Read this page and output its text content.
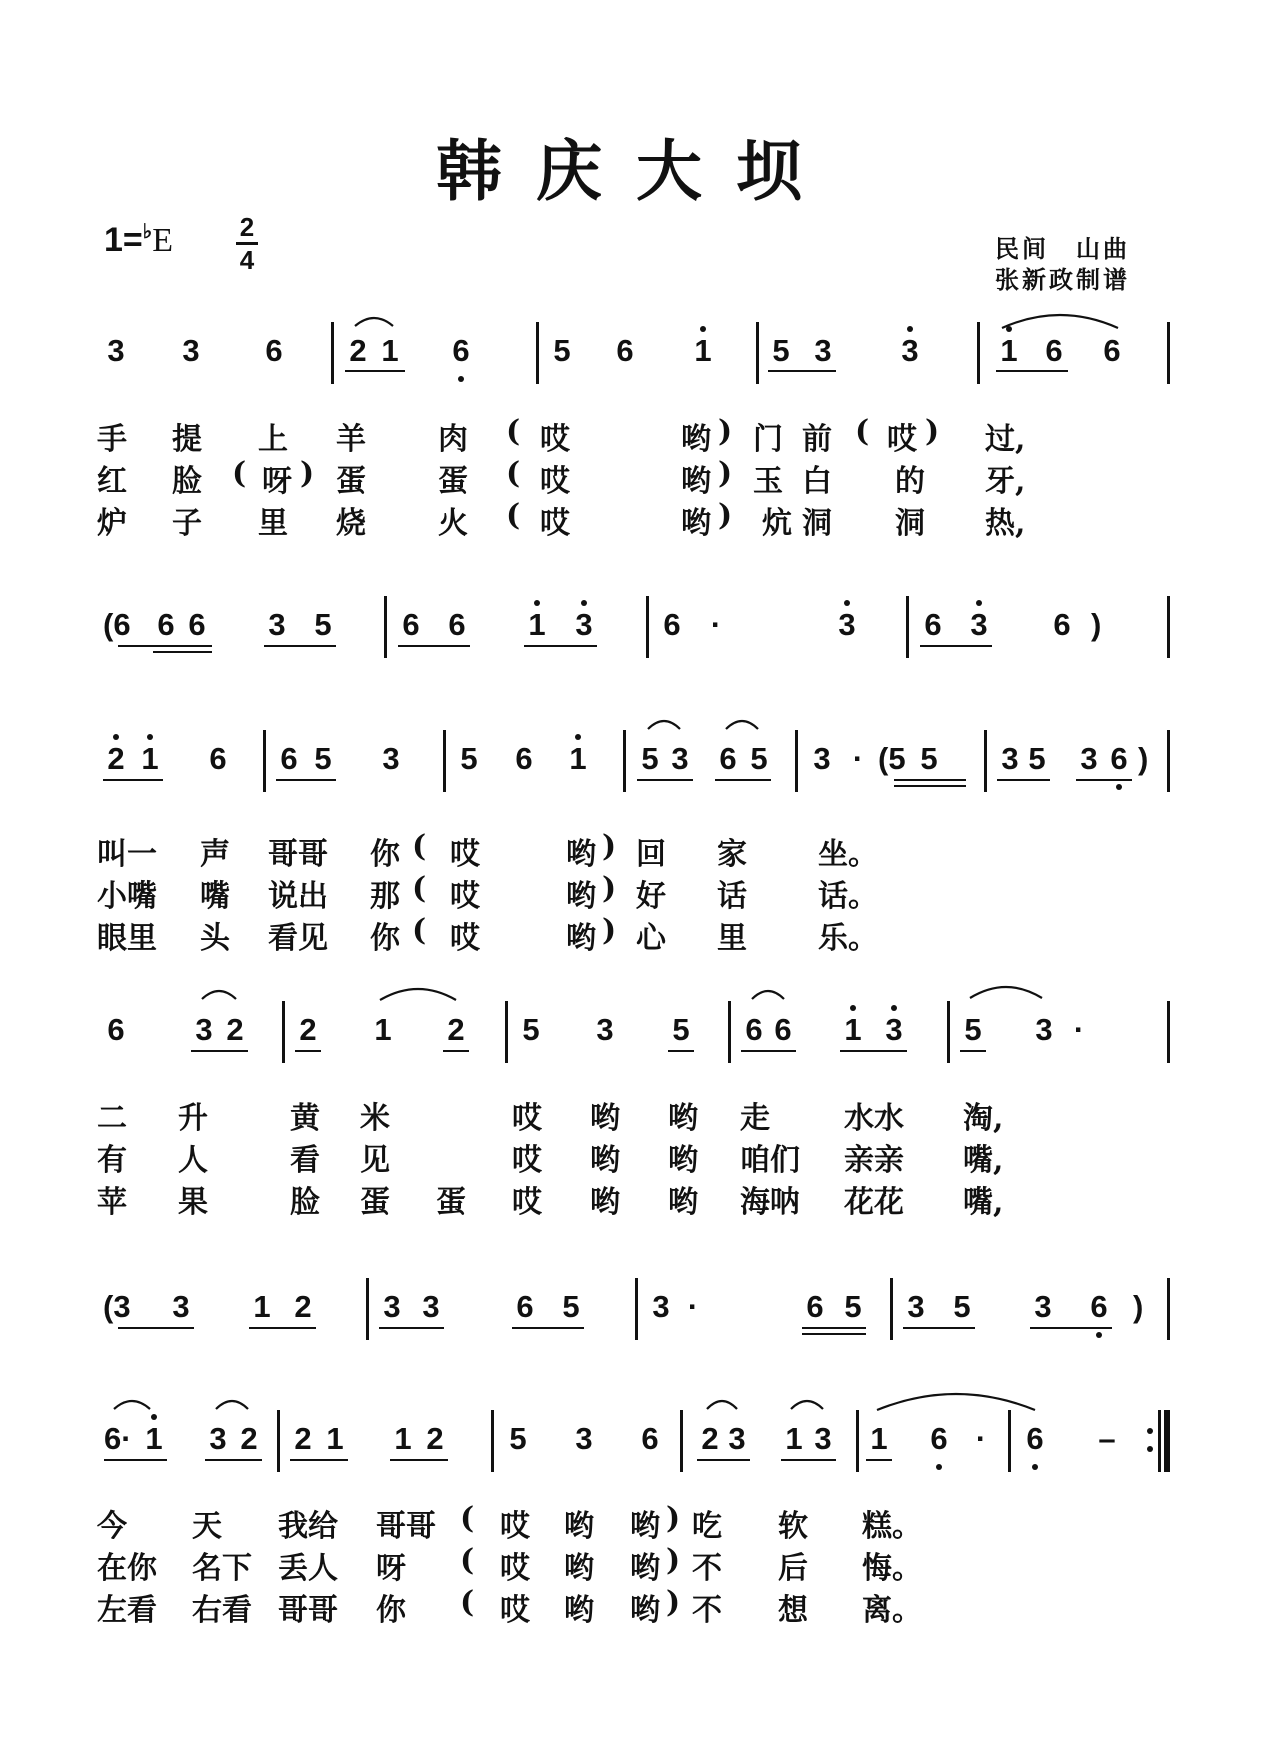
韩庆大坝
1=♭E	2
4	民间　山曲
张新政制谱
3 3 6 2 1 6	5 6 1 5 3 3	1 6 6
手 提 上 羊 肉 ( 哎	哟 ) 门 前 ( 哎 ) 过,
红 脸 ( 呀 ) 蛋 蛋 ( 哎	哟 ) 玉 白 的 牙,
炉 子 里 烧 火 ( 哎	哟 ) 炕 洞 洞 热,
(6 6 6 3 5 6 6 1 3 6 ·	3 6 3 6 )
2 1 6 6 5 3 5 6 1 5 3 6 5 3 · (5 5 3 5 3 6 )
叫一 声 哥哥 你 ( 哎	哟 ) 回 家 坐。
小嘴 嘴 说出 那 ( 哎	哟 ) 好 话 话。
眼里 头 看见 你 ( 哎	哟 ) 心 里 乐。
6 3 2 2 1 2 5 3 5 6 6 1 3 5 3 ·
二 升	黄 米	哎 哟 哟 走 水水 淘,
有 人	看 见	哎 哟 哟 咱们 亲亲 嘴,
苹 果	脸 蛋 蛋 哎 哟 哟 海呐 花花 嘴,
(3 3 1 2 3 3 6 5 3 ·	6 5 3 5 3 6 )
6· 1 3 2 2 1 1 2 5 3 6 2 3 1 3 1 6 · 6 –
今 天 我给 哥哥 ( 哎 哟 哟 ) 吃 软 糕。
在你 名下 丢人 呀 ( 哎 哟 哟 ) 不 后 悔。
左看 右看 哥哥 你 ( 哎 哟 哟 ) 不 想 离。
